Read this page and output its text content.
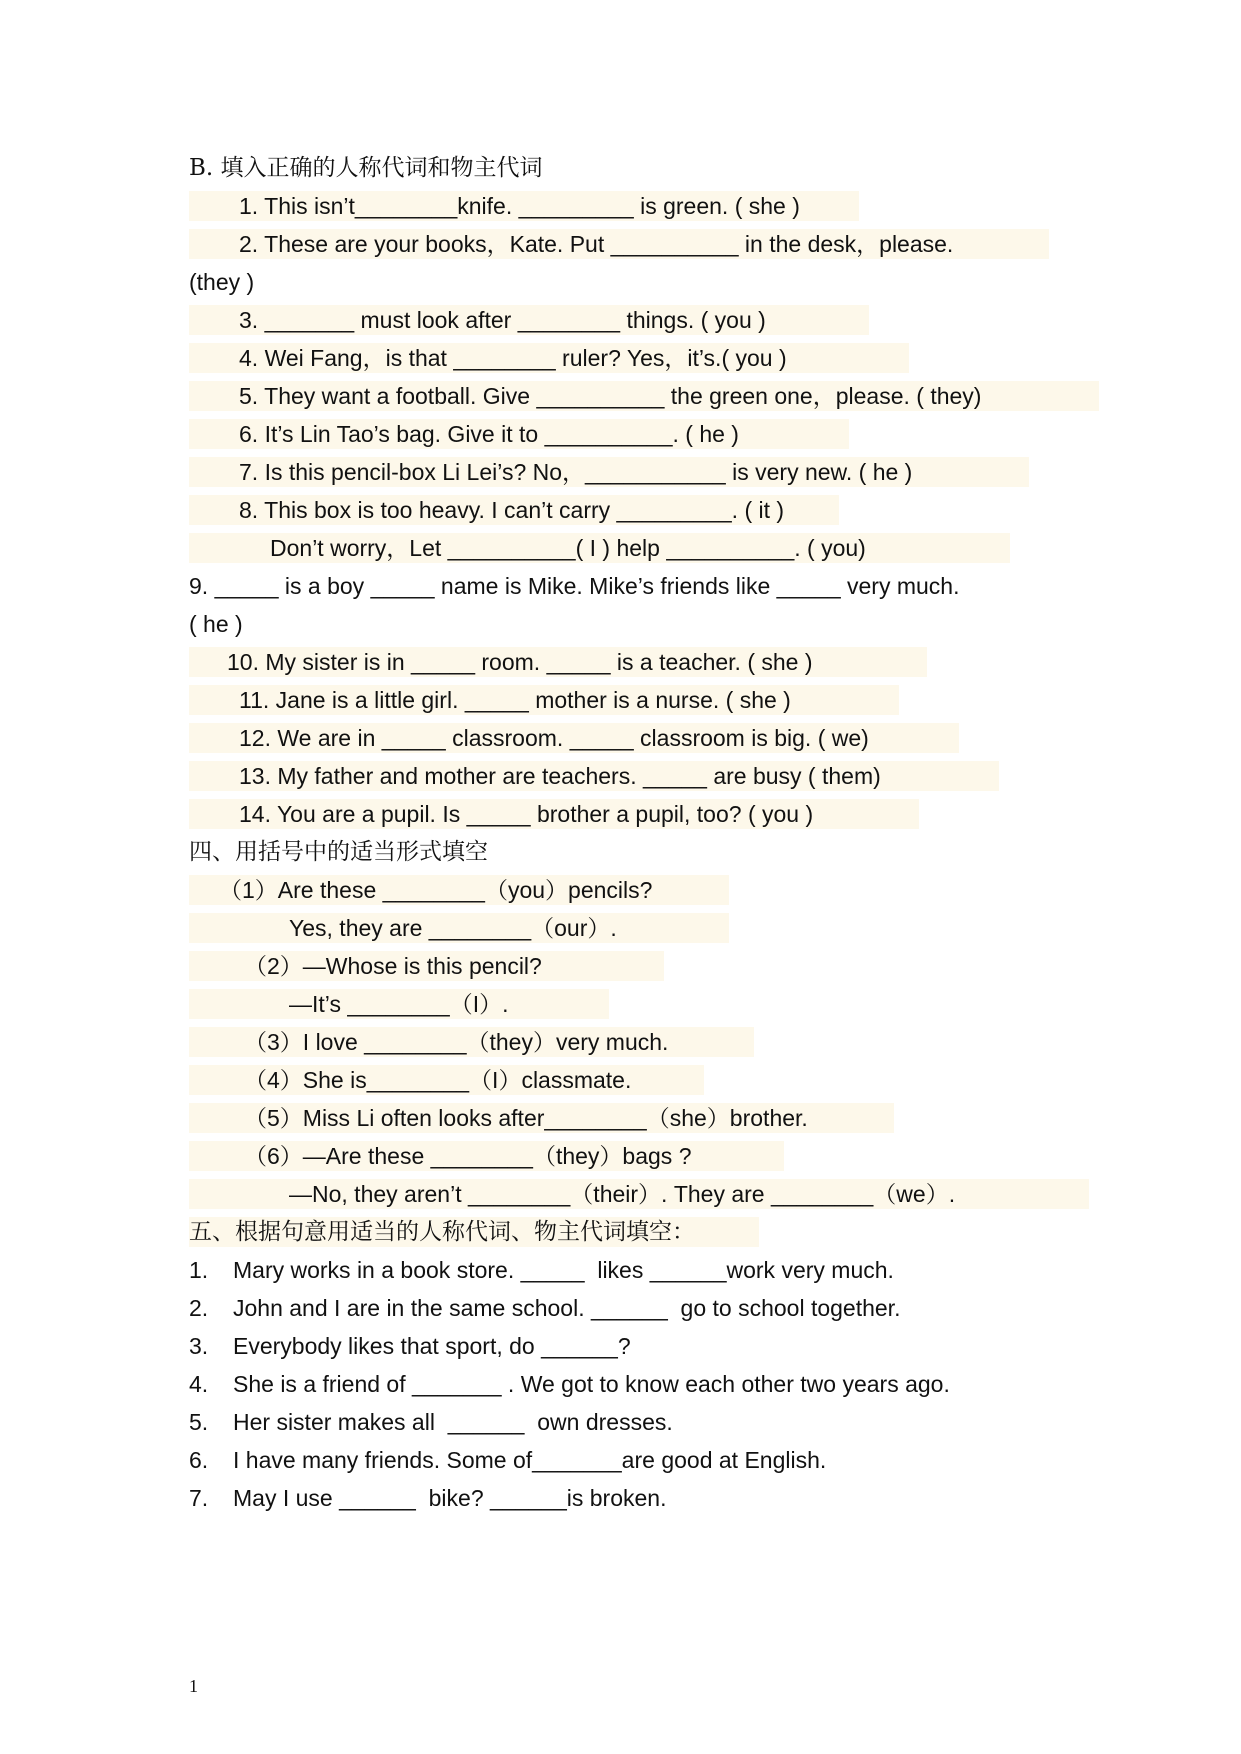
B. 填入正确的人称代词和物主代词
1. This isn’t________knife. _________ is green. ( she )
2. These are your books，Kate. Put __________ in the desk，please.
(they )
3. _______ must look after ________ things. ( you )
4. Wei Fang，is that ________ ruler? Yes，it’s.( you )
5. They want a football. Give __________ the green one，please. ( they)
6. It’s Lin Tao’s bag. Give it to __________. ( he )
7. Is this pencil-box Li Lei’s? No，___________ is very new. ( he )
8. This box is too heavy. I can’t carry _________. ( it )
Don’t worry，Let __________( I ) help __________. ( you)
9. _____ is a boy _____ name is Mike. Mike’s friends like _____ very much.
( he )
10. My sister is in _____ room. _____ is a teacher. ( she )
11. Jane is a little girl. _____ mother is a nurse. ( she )
12. We are in _____ classroom. _____ classroom is big. ( we)
13. My father and mother are teachers. _____ are busy ( them)
14. You are a pupil. Is _____ brother a pupil, too? ( you )
四、用括号中的适当形式填空
（1）Are these ________（you）pencils?
Yes, they are ________（our）.
（2）—Whose is this pencil?
—It’s ________（I）.
（3）I love ________（they）very much.
（4）She is________（I）classmate.
（5）Miss Li often looks after________（she）brother.
（6）—Are these ________（they）bags ?
—No, they aren’t ________（their）. They are ________（we）.
五、根据句意用适当的人称代词、物主代词填空：
1. Mary works in a book store. _____  likes ______work very much.
2. John and I are in the same school. ______  go to school together.
3. Everybody likes that sport, do ______?
4. She is a friend of _______ . We got to know each other two years ago.
5. Her sister makes all  ______  own dresses.
6. I have many friends. Some of_______are good at English.
7. May I use ______  bike? ______is broken.
1
